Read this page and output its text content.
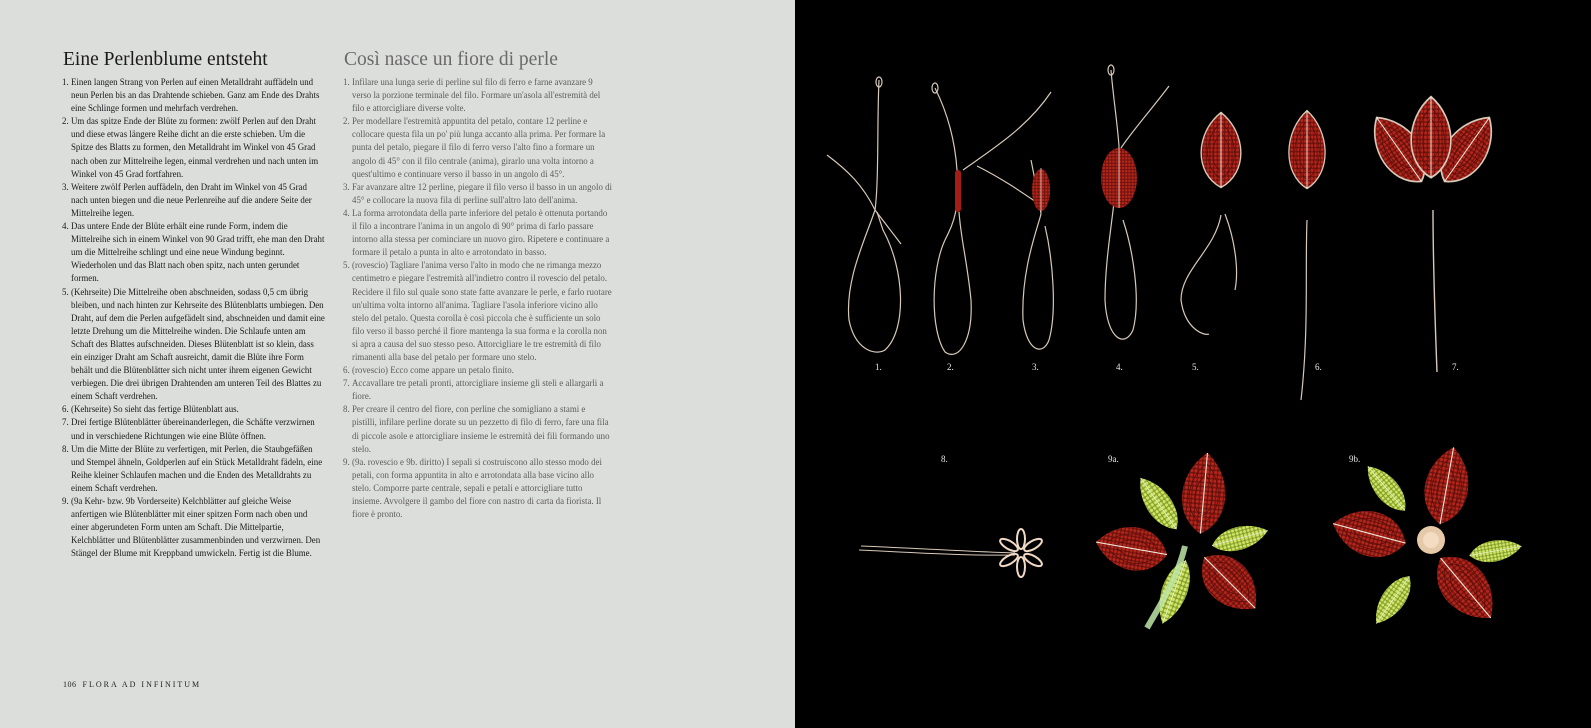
Eine Perlenblume entsteht
1. Einen langen Strang von Perlen auf einen Metalldraht auffädeln und neun Perlen bis an das Drahtende schieben. Ganz am Ende des Drahts eine Schlinge formen und mehrfach verdrehen.
2. Um das spitze Ende der Blüte zu formen: zwölf Perlen auf den Draht und diese etwas längere Reihe dicht an die erste schieben. Um die Spitze des Blatts zu formen, den Metalldraht im Winkel von 45 Grad nach oben zur Mittelreihe legen, einmal verdrehen und nach unten im Winkel von 45 Grad fortfahren.
3. Weitere zwölf Perlen auffädeln, den Draht im Winkel von 45 Grad nach unten biegen und die neue Perlenreihe auf die andere Seite der Mittelreihe legen.
4. Das untere Ende der Blüte erhält eine runde Form, indem die Mittelreihe sich in einem Winkel von 90 Grad trifft, ehe man den Draht um die Mittelreihe schlingt und eine neue Windung beginnt. Wiederholen und das Blatt nach oben spitz, nach unten gerundet formen.
5. (Kehrseite) Die Mittelreihe oben abschneiden, sodass 0,5 cm übrig bleiben, und nach hinten zur Kehrseite des Blütenblatts umbiegen. Den Draht, auf dem die Perlen aufgefädelt sind, abschneiden und damit eine letzte Drehung um die Mittelreihe winden. Die Schlaufe unten am Schaft des Blattes aufschneiden. Dieses Blütenblatt ist so klein, dass ein einziger Draht am Schaft ausreicht, damit die Blüte ihre Form behält und die Blütenblätter sich nicht unter ihrem eigenen Gewicht verbiegen. Die drei übrigen Drahtenden am unteren Teil des Blattes zu einem Schaft verdrehen.
6. (Kehrseite) So sieht das fertige Blütenblatt aus.
7. Drei fertige Blütenblätter übereinanderlegen, die Schäfte verzwirnen und in verschiedene Richtungen wie eine Blüte öffnen.
8. Um die Mitte der Blüte zu verfertigen, mit Perlen, die Staubgefäßen und Stempel ähneln, Goldperlen auf ein Stück Metalldraht fädeln, eine Reihe kleiner Schlaufen machen und die Enden des Metalldrahts zu einem Schaft verdrehen.
9. (9a Kehr- bzw. 9b Vorderseite) Kelchblätter auf gleiche Weise anfertigen wie Blütenblätter mit einer spitzen Form nach oben und einer abgerundeten Form unten am Schaft. Die Mittelpartie, Kelchblätter und Blütenblätter zusammenbinden und verzwirnen. Den Stängel der Blume mit Kreppband umwickeln. Fertig ist die Blume.
Così nasce un fiore di perle
1. Infilare una lunga serie di perline sul filo di ferro e farne avanzare 9 verso la porzione terminale del filo. Formare un'asola all'estremità del filo e attorcigliare diverse volte.
2. Per modellare l'estremità appuntita del petalo, contare 12 perline e collocare questa fila un po' più lunga accanto alla prima. Per formare la punta del petalo, piegare il filo di ferro verso l'alto fino a formare un angolo di 45° con il filo centrale (anima), girarlo una volta intorno a quest'ultimo e continuare verso il basso in un angolo di 45°.
3. Far avanzare altre 12 perline, piegare il filo verso il basso in un angolo di 45° e collocare la nuova fila di perline sull'altro lato dell'anima.
4. La forma arrotondata della parte inferiore del petalo è ottenuta portando il filo a incontrare l'anima in un angolo di 90° prima di farlo passare intorno alla stessa per cominciare un nuovo giro. Ripetere e continuare a formare il petalo a punta in alto e arrotondato in basso.
5. (rovescio) Tagliare l'anima verso l'alto in modo che ne rimanga mezzo centimetro e piegare l'estremità all'indietro contro il rovescio del petalo. Recidere il filo sul quale sono state fatte avanzare le perle, e farlo ruotare un'ultima volta intorno all'anima. Tagliare l'asola inferiore vicino allo stelo del petalo. Questa corolla è così piccola che è sufficiente un solo filo verso il basso perché il fiore mantenga la sua forma e la corolla non si apra a causa del suo stesso peso. Attorcigliare le tre estremità di filo rimanenti alla base del petalo per formare uno stelo.
6. (rovescio) Ecco come appare un petalo finito.
7. Accavallare tre petali pronti, attorcigliare insieme gli steli e allargarli a fiore.
8. Per creare il centro del fiore, con perline che somigliano a stami e pistilli, infilare perline dorate su un pezzetto di filo di ferro, fare una fila di piccole asole e attorcigliare insieme le estremità dei fili formando uno stelo.
9. (9a. rovescio e 9b. diritto) I sepali si costruiscono allo stesso modo dei petali, con forma appuntita in alto e arrotondata alla base vicino allo stelo. Comporre parte centrale, sepali e petali e attorcigliare tutto insieme. Avvolgere il gambo del fiore con nastro di carta da fiorista. Il fiore è pronto.
106 FLORA AD INFINITUM
1.	2.	3.	4.	5.	6.	7.
8.	9a.	9b.
